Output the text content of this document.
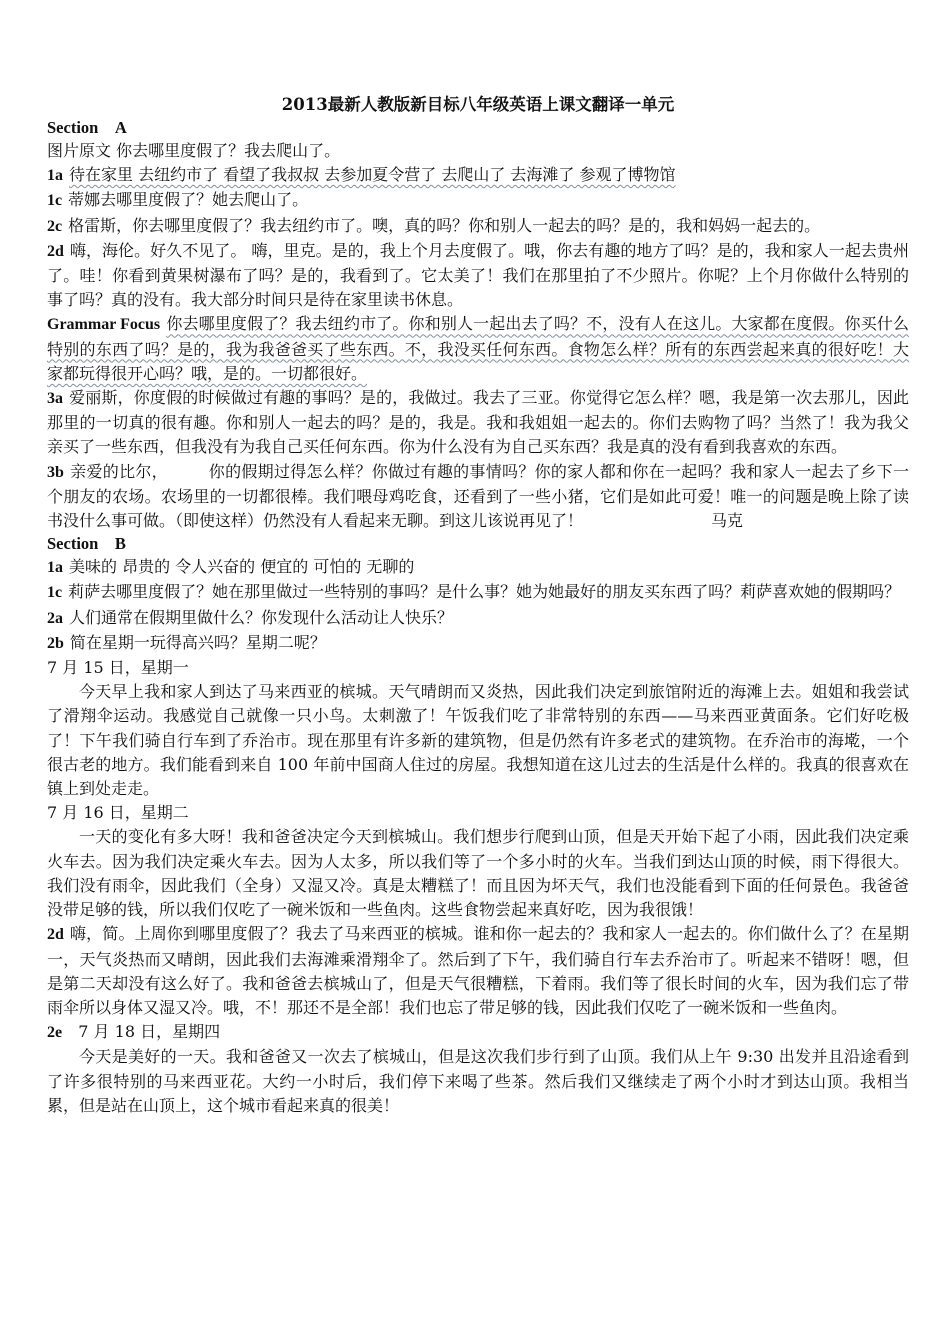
2013最新人教版新目标八年级英语上课文翻译一单元
Section　A

图片原文 你去哪里度假了？我去爬山了。

1a 待在家里 去纽约市了 看望了我叔叔 去参加夏令营了 去爬山了 去海滩了 参观了博物馆

1c 蒂娜去哪里度假了？她去爬山了。

2c 格雷斯，你去哪里度假了？我去纽约市了。噢，真的吗？你和别人一起去的吗？是的，我和妈妈一起去的。

2d 嗨，海伦。好久不见了。 嗨，里克。是的，我上个月去度假了。哦，你去有趣的地方了吗？是的，我和家人一起去贵州了。哇！你看到黄果树瀑布了吗？是的，我看到了。它太美了！我们在那里拍了不少照片。你呢？上个月你做什么特别的事了吗？真的没有。我大部分时间只是待在家里读书休息。

Grammar Focus 你去哪里度假了？我去纽约市了。你和别人一起出去了吗？不，没有人在这儿。大家都在度假。你买什么特别的东西了吗？是的，我为我爸爸买了些东西。不，我没买任何东西。食物怎么样？所有的东西尝起来真的很好吃！大家都玩得很开心吗？哦，是的。一切都很好。

3a 爱丽斯，你度假的时候做过有趣的事吗？是的，我做过。我去了三亚。你觉得它怎么样？嗯，我是第一次去那儿，因此那里的一切真的很有趣。你和别人一起去的吗？是的，我是。我和我姐姐一起去的。你们去购物了吗？当然了！我为我父亲买了一些东西，但我没有为我自己买任何东西。你为什么没有为自己买东西？我是真的没有看到我喜欢的东西。

3b 亲爱的比尔，　　　你的假期过得怎么样？你做过有趣的事情吗？你的家人都和你在一起吗？我和家人一起去了乡下一个朋友的农场。农场里的一切都很棒。我们喂母鸡吃食，还看到了一些小猪，它们是如此可爱！唯一的问题是晚上除了读书没什么事可做。（即使这样）仍然没有人看起来无聊。到这儿该说再见了！　　　　　　　　马克

Section　B

1a 美味的 昂贵的 令人兴奋的 便宜的 可怕的 无聊的

1c 莉萨去哪里度假了？她在那里做过一些特别的事吗？是什么事？她为她最好的朋友买东西了吗？莉萨喜欢她的假期吗？

2a 人们通常在假期里做什么？你发现什么活动让人快乐？

2b 简在星期一玩得高兴吗？星期二呢？

7 月 15 日，星期一

今天早上我和家人到达了马来西亚的槟城。天气晴朗而又炎热，因此我们决定到旅馆附近的海滩上去。姐姐和我尝试了滑翔伞运动。我感觉自己就像一只小鸟。太刺激了！午饭我们吃了非常特别的东西——马来西亚黄面条。它们好吃极了！下午我们骑自行车到了乔治市。现在那里有许多新的建筑物，但是仍然有许多老式的建筑物。在乔治市的海墘，一个很古老的地方。我们能看到来自 100 年前中国商人住过的房屋。我想知道在这儿过去的生活是什么样的。我真的很喜欢在镇上到处走走。

7 月 16 日，星期二

一天的变化有多大呀！我和爸爸决定今天到槟城山。我们想步行爬到山顶，但是天开始下起了小雨，因此我们决定乘火车去。因为我们决定乘火车去。因为人太多，所以我们等了一个多小时的火车。当我们到达山顶的时候，雨下得很大。我们没有雨伞，因此我们（全身）又湿又冷。真是太糟糕了！而且因为坏天气，我们也没能看到下面的任何景色。我爸爸没带足够的钱，所以我们仅吃了一碗米饭和一些鱼肉。这些食物尝起来真好吃，因为我很饿！

2d 嗨，简。上周你到哪里度假了？我去了马来西亚的槟城。谁和你一起去的？我和家人一起去的。你们做什么了？在星期一，天气炎热而又晴朗，因此我们去海滩乘滑翔伞了。然后到了下午，我们骑自行车去乔治市了。听起来不错呀！嗯，但是第二天却没有这么好了。我和爸爸去槟城山了，但是天气很糟糕，下着雨。我们等了很长时间的火车，因为我们忘了带雨伞所以身体又湿又冷。哦，不！那还不是全部！我们也忘了带足够的钱，因此我们仅吃了一碗米饭和一些鱼肉。

2e 7 月 18 日，星期四

今天是美好的一天。我和爸爸又一次去了槟城山，但是这次我们步行到了山顶。我们从上午 9:30 出发并且沿途看到了许多很特别的马来西亚花。大约一小时后，我们停下来喝了些茶。然后我们又继续走了两个小时才到达山顶。我相当累，但是站在山顶上，这个城市看起来真的很美！
